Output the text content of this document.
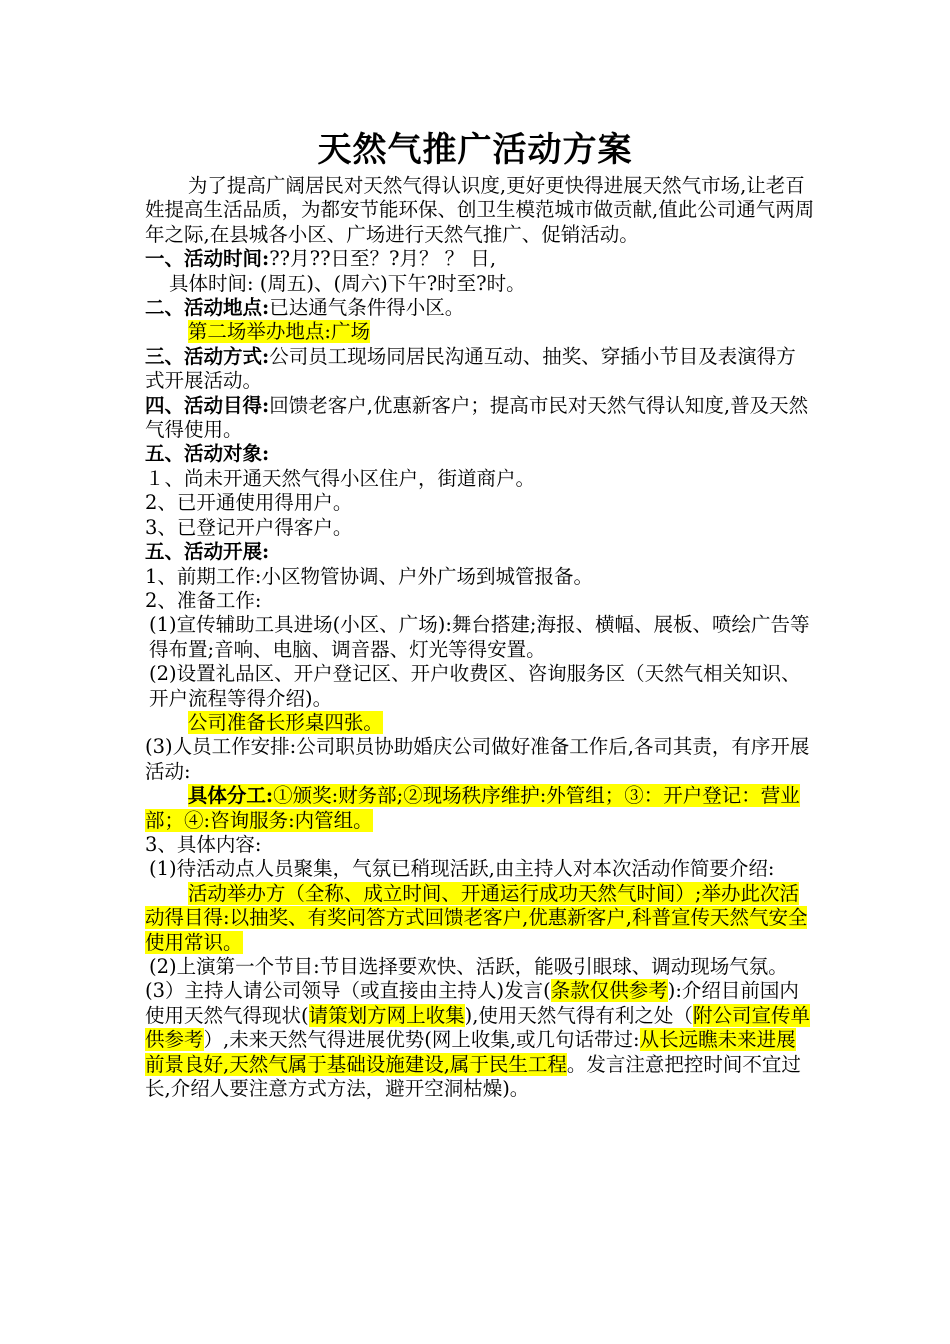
天然气推广活动方案

为了提高广阔居民对天然气得认识度,更好更快得进展天然气市场,让老百姓提高生活品质，为都安节能环保、创卫生模范城市做贡献,值此公司通气两周年之际,在县城各小区、广场进行天然气推广、促销活动。

一、活动时间:??月??日至？?月？ ？ 日,

具体时间: (周五)、(周六)下午?时至?时。

二、活动地点:已达通气条件得小区。

第二场举办地点:广场

三、活动方式:公司员工现场同居民沟通互动、抽奖、穿插小节目及表演得方式开展活动。

四、活动目得:回馈老客户,优惠新客户；提高市民对天然气得认知度,普及天然气得使用。

五、活动对象:

１、尚未开通天然气得小区住户，街道商户。

2、已开通使用得用户。

3、已登记开户得客户。

五、活动开展:

1、前期工作:小区物管协调、户外广场到城管报备。

2、准备工作:

(1)宣传辅助工具进场(小区、广场):舞台搭建;海报、横幅、展板、喷绘广告等得布置;音响、电脑、调音器、灯光等得安置。

(2)设置礼品区、开户登记区、开户收费区、咨询服务区（天然气相关知识、开户流程等得介绍)。

公司准备长形桌四张。

(3)人员工作安排:公司职员协助婚庆公司做好准备工作后,各司其责，有序开展活动:

具体分工:①颁奖:财务部;②现场秩序维护:外管组；③：开户登记：营业部；④:咨询服务:内管组。

3、具体内容:

(1)待活动点人员聚集，气氛已稍现活跃,由主持人对本次活动作简要介绍:

活动举办方（全称、成立时间、开通运行成功天然气时间）;举办此次活动得目得:以抽奖、有奖问答方式回馈老客户,优惠新客户,科普宣传天然气安全使用常识。

(2)上演第一个节目:节目选择要欢快、活跃，能吸引眼球、调动现场气氛。

(3）主持人请公司领导（或直接由主持人)发言(条款仅供参考):介绍目前国内使用天然气得现状(请策划方网上收集),使用天然气得有利之处（附公司宣传单供参考）,未来天然气得进展优势(网上收集,或几句话带过:从长远瞧未来进展前景良好,天然气属于基础设施建设,属于民生工程。发言注意把控时间不宜过长,介绍人要注意方式方法，避开空洞枯燥)。
